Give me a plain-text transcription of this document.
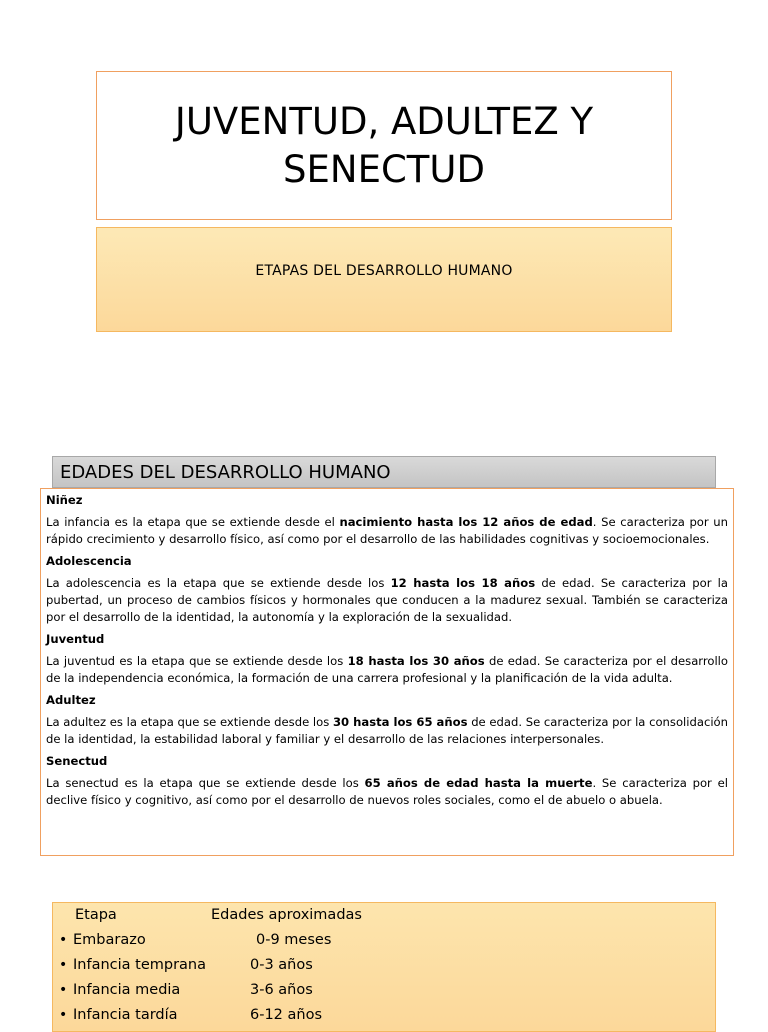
JUVENTUD, ADULTEZ Y SENECTUD
ETAPAS DEL DESARROLLO HUMANO
EDADES DEL DESARROLLO HUMANO

Niñez

La infancia es la etapa que se extiende desde el nacimiento hasta los 12 años de edad. Se caracteriza por un rápido crecimiento y desarrollo físico, así como por el desarrollo de las habilidades cognitivas y socioemocionales.

Adolescencia

La adolescencia es la etapa que se extiende desde los 12 hasta los 18 años de edad. Se caracteriza por la pubertad, un proceso de cambios físicos y hormonales que conducen a la madurez sexual. También se caracteriza por el desarrollo de la identidad, la autonomía y la exploración de la sexualidad.

Juventud

La juventud es la etapa que se extiende desde los 18 hasta los 30 años de edad. Se caracteriza por el desarrollo de la independencia económica, la formación de una carrera profesional y la planificación de la vida adulta.

Adultez

La adultez es la etapa que se extiende desde los 30 hasta los 65 años de edad. Se caracteriza por la consolidación de la identidad, la estabilidad laboral y familiar y el desarrollo de las relaciones interpersonales.

Senectud

La senectud es la etapa que se extiende desde los 65 años de edad hasta la muerte. Se caracteriza por el declive físico y cognitivo, así como por el desarrollo de nuevos roles sociales, como el de abuelo o abuela.

Etapa	Edades aproximadas
• Embarazo	0-9 meses
• Infancia temprana	0-3 años
• Infancia media	3-6 años
• Infancia tardía	6-12 años
